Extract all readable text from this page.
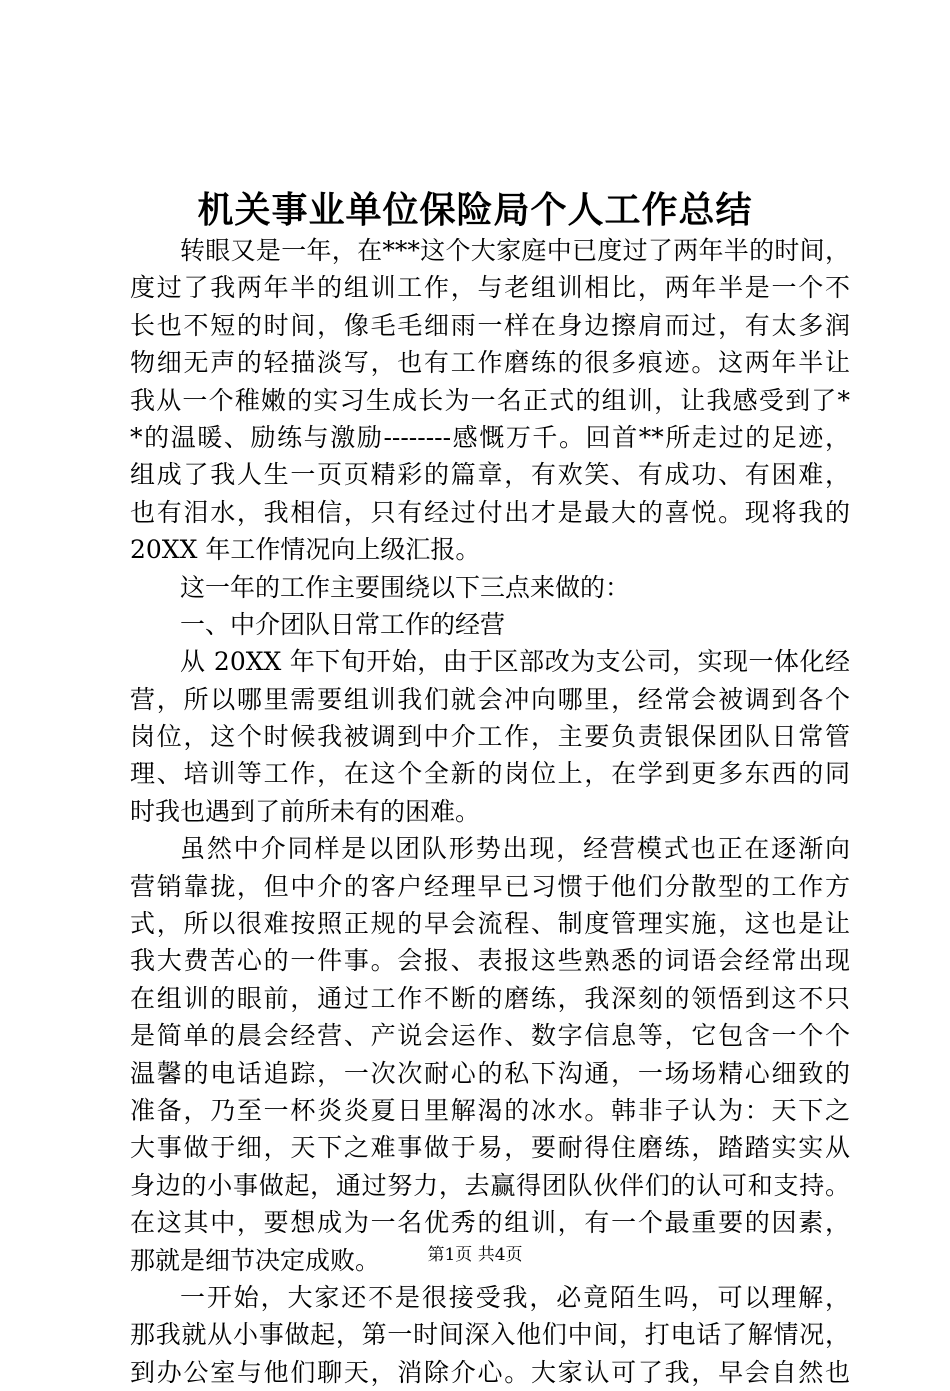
机关事业单位保险局个人工作总结
转眼又是一年，在***这个大家庭中已度过了两年半的时间，
度过了我两年半的组训工作，与老组训相比，两年半是一个不
长也不短的时间，像毛毛细雨一样在身边擦肩而过，有太多润
物细无声的轻描淡写，也有工作磨练的很多痕迹。这两年半让
我从一个稚嫩的实习生成长为一名正式的组训，让我感受到了*
*的温暖、励练与激励--------感慨万千。回首**所走过的足迹，
组成了我人生一页页精彩的篇章，有欢笑、有成功、有困难，
也有泪水，我相信，只有经过付出才是最大的喜悦。现将我的
20XX 年工作情况向上级汇报。
这一年的工作主要围绕以下三点来做的：
一、中介团队日常工作的经营
从 20XX 年下旬开始，由于区部改为支公司，实现一体化经
营，所以哪里需要组训我们就会冲向哪里，经常会被调到各个
岗位，这个时候我被调到中介工作，主要负责银保团队日常管
理、培训等工作，在这个全新的岗位上，在学到更多东西的同
时我也遇到了前所未有的困难。
虽然中介同样是以团队形势出现，经营模式也正在逐渐向
营销靠拢，但中介的客户经理早已习惯于他们分散型的工作方
式，所以很难按照正规的早会流程、制度管理实施，这也是让
我大费苦心的一件事。会报、表报这些熟悉的词语会经常出现
在组训的眼前，通过工作不断的磨练，我深刻的领悟到这不只
是简单的晨会经营、产说会运作、数字信息等，它包含一个个
温馨的电话追踪，一次次耐心的私下沟通，一场场精心细致的
准备，乃至一杯炎炎夏日里解渴的冰水。韩非子认为：天下之
大事做于细，天下之难事做于易，要耐得住磨练，踏踏实实从
身边的小事做起，通过努力，去赢得团队伙伴们的认可和支持。
在这其中，要想成为一名优秀的组训，有一个最重要的因素，
那就是细节决定成败。
一开始，大家还不是很接受我，必竟陌生吗，可以理解，
那我就从小事做起，第一时间深入他们中间，打电话了解情况，
到办公室与他们聊天，消除介心。大家认可了我，早会自然也
第1页 共4页
